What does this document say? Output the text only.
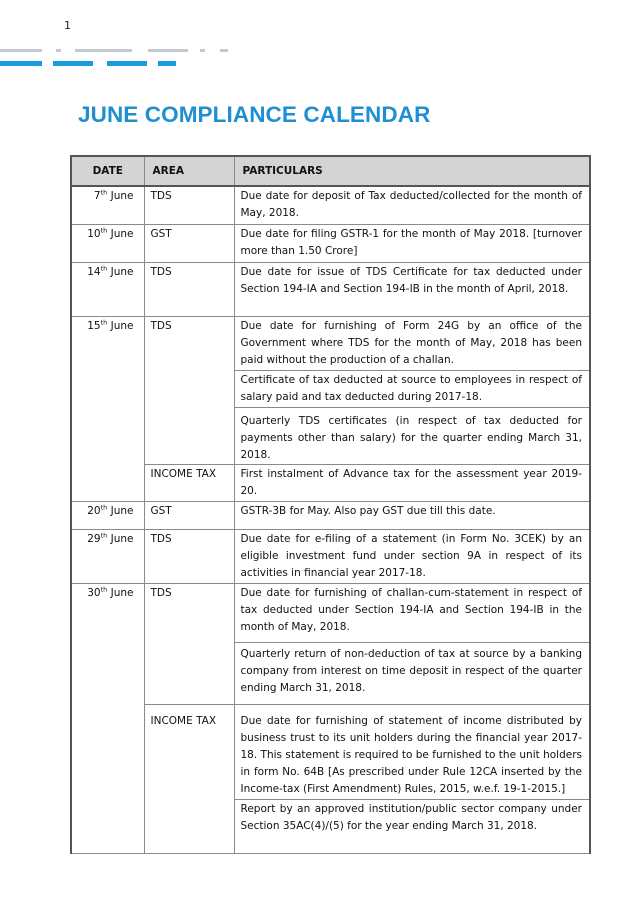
1
JUNE COMPLIANCE CALENDAR
DATE	AREA	PARTICULARS
7th June	TDS	Due date for deposit of Tax deducted/collected for the month of May, 2018.
10th June	GST	Due date for filing GSTR-1 for the month of May 2018. [turnover more than 1.50 Crore]
14th June	TDS	Due date for issue of TDS Certificate for tax deducted under Section 194-IA and Section 194-IB in the month of April, 2018.
15th June	TDS	Due date for furnishing of Form 24G by an office of the Government where TDS for the month of May, 2018 has been paid without the production of a challan.
		Certificate of tax deducted at source to employees in respect of salary paid and tax deducted during 2017-18.
		Quarterly TDS certificates (in respect of tax deducted for payments other than salary) for the quarter ending March 31, 2018.
	INCOME TAX	First instalment of Advance tax for the assessment year 2019-20.
20th June	GST	GSTR-3B for May. Also pay GST due till this date.
29th June	TDS	Due date for e-filing of a statement (in Form No. 3CEK) by an eligible investment fund under section 9A in respect of its activities in financial year 2017-18.
30th June	TDS	Due date for furnishing of challan-cum-statement in respect of tax deducted under Section 194-IA and Section 194-IB in the month of May, 2018.
		Quarterly return of non-deduction of tax at source by a banking company from interest on time deposit in respect of the quarter ending March 31, 2018.
	INCOME TAX	Due date for furnishing of statement of income distributed by business trust to its unit holders during the financial year 2017-18. This statement is required to be furnished to the unit holders in form No. 64B [As prescribed under Rule 12CA inserted by the Income-tax (First Amendment) Rules, 2015, w.e.f. 19-1-2015.]
		Report by an approved institution/public sector company under Section 35AC(4)/(5) for the year ending March 31, 2018.
